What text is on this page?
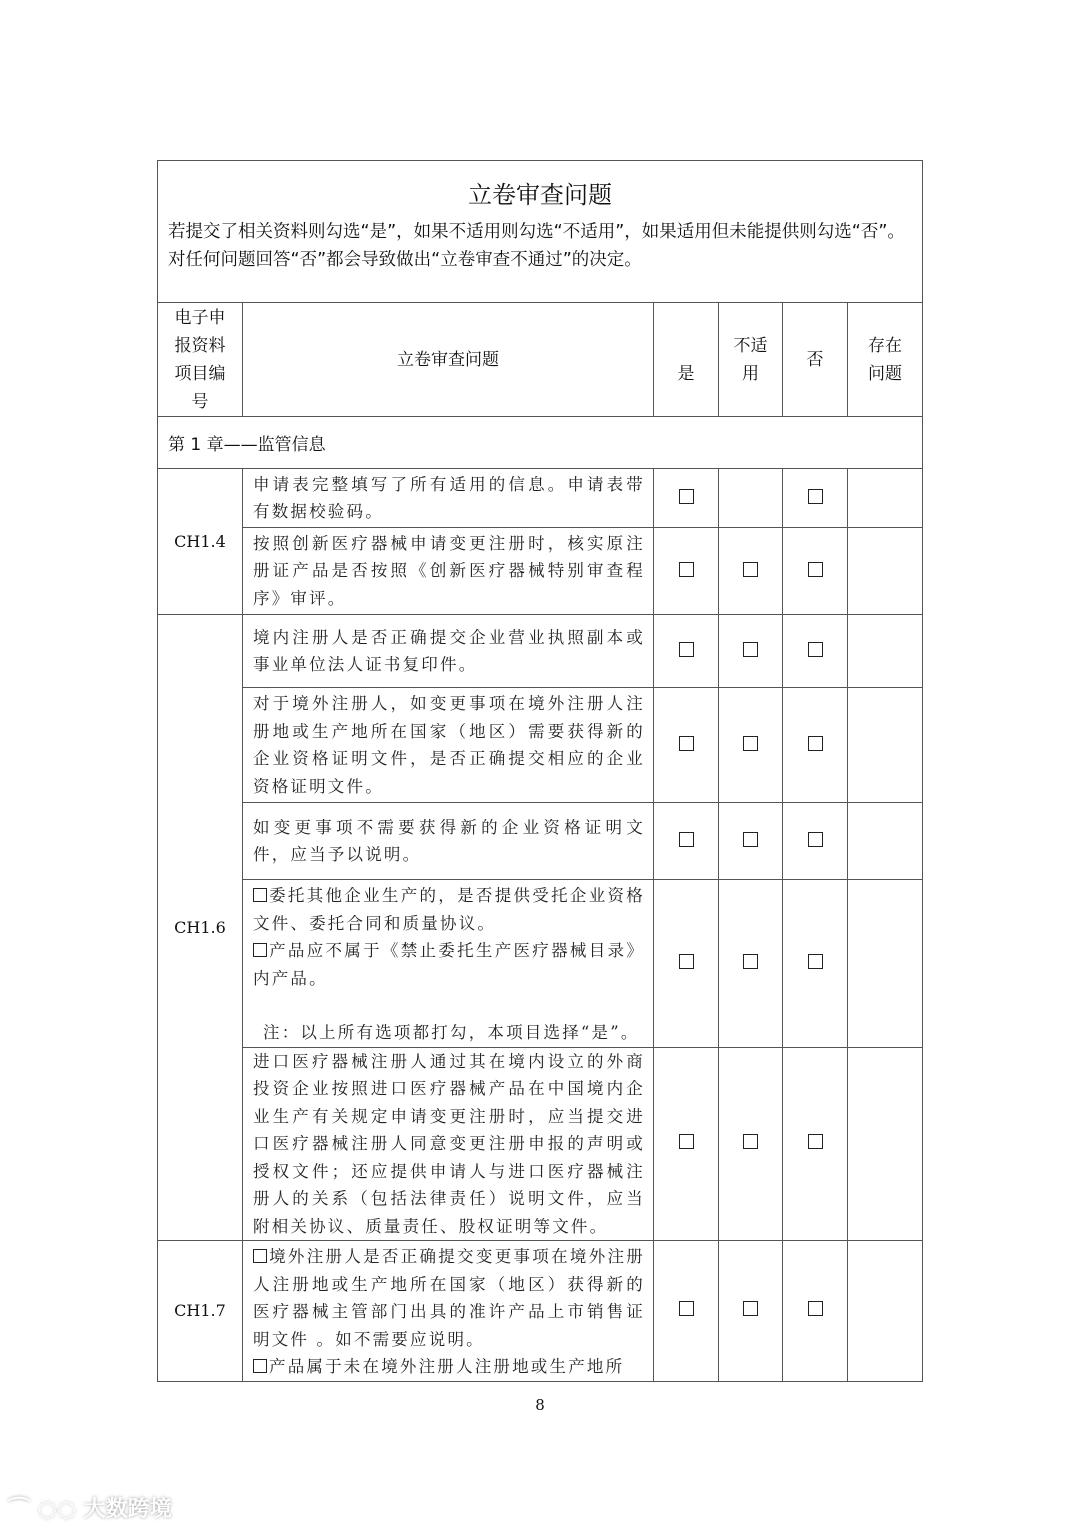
立卷审查问题
若提交了相关资料则勾选“是”，如果不适用则勾选“不适用”，如果适用但未能提供则勾选“否”。
对任何问题回答“否”都会导致做出“立卷审查不通过”的决定。
电子申报资料项目编号	立卷审查问题	是	不适用	否	存在问题
第 1 章——监管信息					
CH1.4	申请表完整填写了所有适用的信息。申请表带有数据校验码。				
	按照创新医疗器械申请变更注册时，核实原注册证产品是否按照《创新医疗器械特别审查程序》审评。				
CH1.6	境内注册人是否正确提交企业营业执照副本或事业单位法人证书复印件。				
	对于境外注册人，如变更事项在境外注册人注册地或生产地所在国家（地区）需要获得新的企业资格证明文件，是否正确提交相应的企业资格证明文件。				
	如变更事项不需要获得新的企业资格证明文件，应当予以说明。				

	委托其他企业生产的，是否提供受托企业资格文件、委托合同和质量协议。
产品应不属于《禁止委托生产医疗器械目录》内产品。
注：以上所有选项都打勾，本项目选择“是”。				

	进口医疗器械注册人通过其在境内设立的外商投资企业按照进口医疗器械产品在中国境内企业生产有关规定申请变更注册时，应当提交进口医疗器械注册人同意变更注册申报的声明或授权文件；还应提供申请人与进口医疗器械注册人的关系（包括法律责任）说明文件，应当附相关协议、质量责任、股权证明等文件。				
CH1.7	境外注册人是否正确提交变更事项在境外注册人注册地或生产地所在国家（地区）获得新的医疗器械主管部门出具的准许产品上市销售证明文件 。如不需要应说明。
产品属于未在境外注册人注册地或生产地所				

8
⌒ ◌◌ 大数跨境
